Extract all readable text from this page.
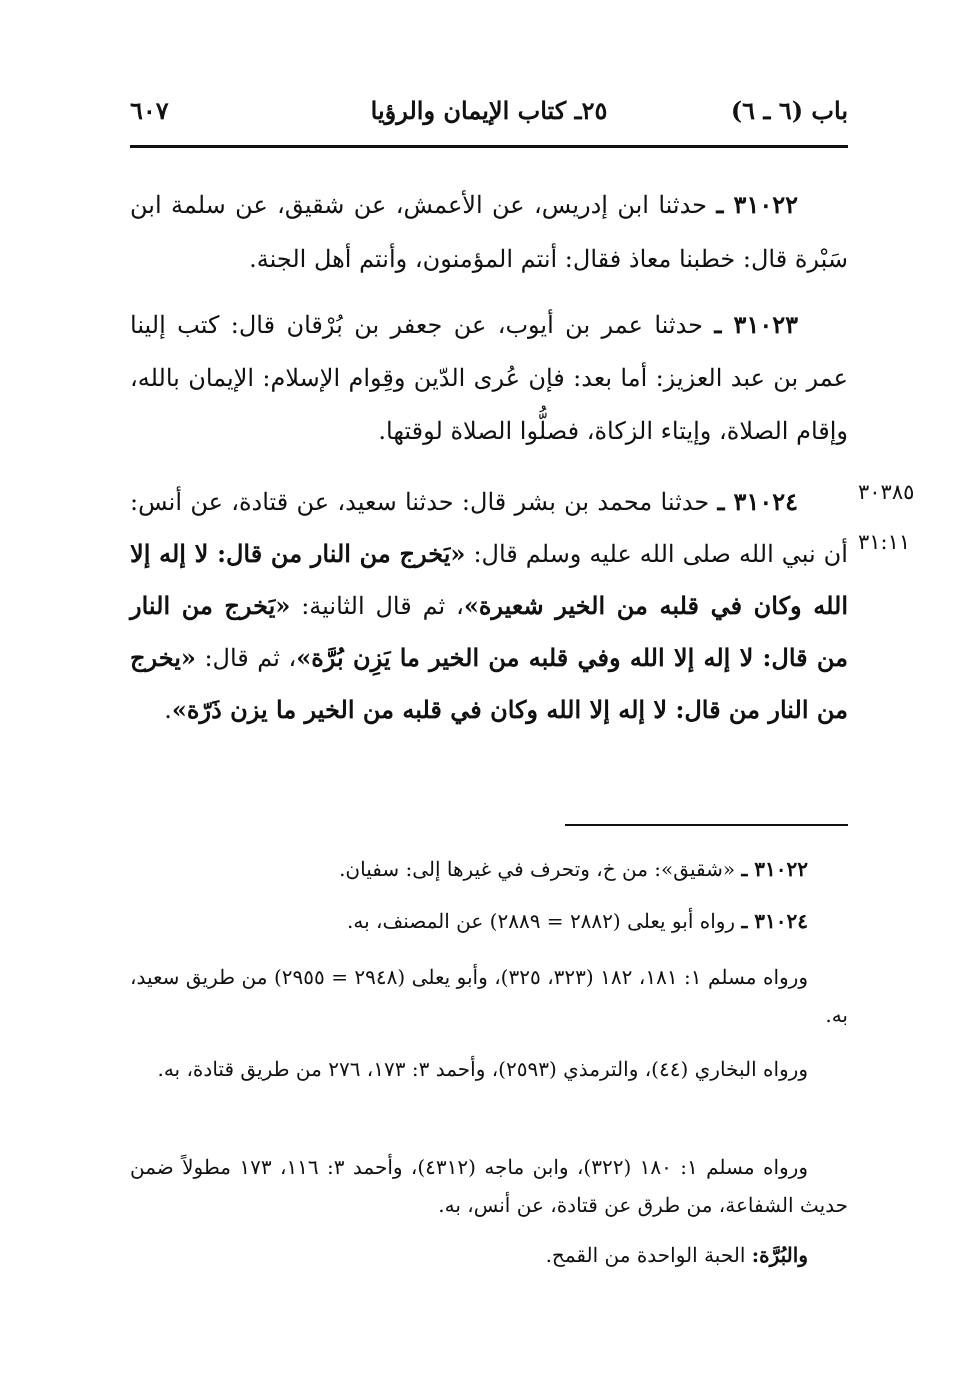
باب (٦ ـ ٦)
٢٥ـ كتاب الإيمان والرؤيا
٦٠٧
٣١٠٢٢ ـ حدثنا ابن إدريس، عن الأعمش، عن شقيق، عن سلمة ابن سَبْرة قال: خطبنا معاذ فقال: أنتم المؤمنون، وأنتم أهل الجنة.
٣١٠٢٣ ـ حدثنا عمر بن أيوب، عن جعفر بن بُرْقان قال: كتب إلينا عمر بن عبد العزيز: أما بعد: فإن عُرى الدّين وقِوام الإسلام: الإيمان بالله، وإقام الصلاة، وإيتاء الزكاة، فصلُّوا الصلاة لوقتها.
٣١٠٢٤ ـ حدثنا محمد بن بشر قال: حدثنا سعيد، عن قتادة، عن أنس: أن نبي الله صلى الله عليه وسلم قال: «يَخرج من النار من قال: لا إله إلا الله وكان في قلبه من الخير شعيرة»، ثم قال الثانية: «يَخرج من النار من قال: لا إله إلا الله وفي قلبه من الخير ما يَزِن بُرَّة»، ثم قال: «يخرج من النار من قال: لا إله إلا الله وكان في قلبه من الخير ما يزن ذَرّة».
٣٠٣٨٥
٣١:١١
٣١٠٢٢ ـ «شقيق»: من خ، وتحرف في غيرها إلى: سفيان.
٣١٠٢٤ ـ رواه أبو يعلى (٢٨٨٢ = ٢٨٨٩) عن المصنف، به.
ورواه مسلم ١: ١٨١، ١٨٢ (٣٢٣، ٣٢٥)، وأبو يعلى (٢٩٤٨ = ٢٩٥٥) من طريق سعيد، به.
ورواه البخاري (٤٤)، والترمذي (٢٥٩٣)، وأحمد ٣: ١٧٣، ٢٧٦ من طريق قتادة، به.
ورواه مسلم ١: ١٨٠ (٣٢٢)، وابن ماجه (٤٣١٢)، وأحمد ٣: ١١٦، ١٧٣ مطولاً ضمن حديث الشفاعة، من طرق عن قتادة، عن أنس، به.
والبُرَّة: الحبة الواحدة من القمح.
